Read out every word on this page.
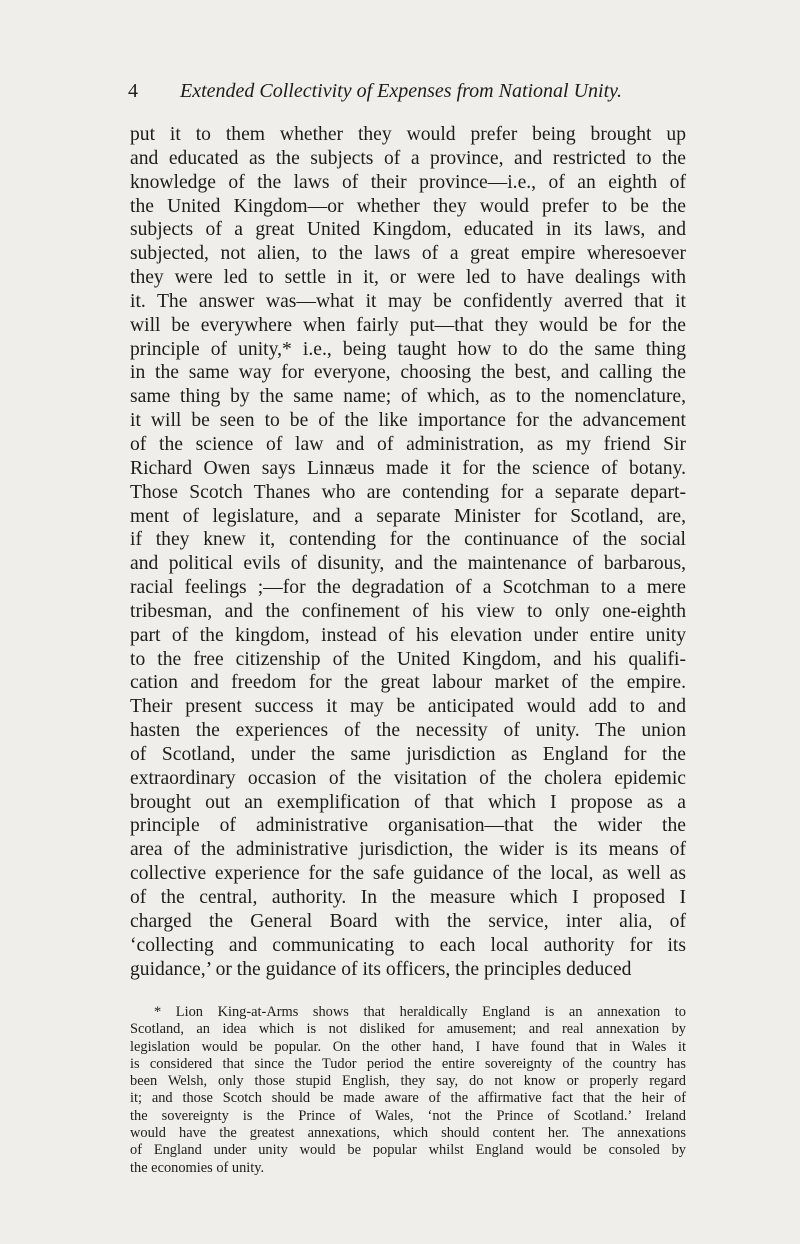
4 Extended Collectivity of Expenses from National Unity.
put it to them whether they would prefer being brought up
and educated as the subjects of a province, and restricted to the
knowledge of the laws of their province—i.e., of an eighth of
the United Kingdom—or whether they would prefer to be the
subjects of a great United Kingdom, educated in its laws, and
subjected, not alien, to the laws of a great empire wheresoever
they were led to settle in it, or were led to have dealings with
it. The answer was—what it may be confidently averred that it
will be everywhere when fairly put—that they would be for the
principle of unity,* i.e., being taught how to do the same thing
in the same way for everyone, choosing the best, and calling the
same thing by the same name; of which, as to the nomenclature,
it will be seen to be of the like importance for the advancement
of the science of law and of administration, as my friend Sir
Richard Owen says Linnæus made it for the science of botany.
Those Scotch Thanes who are contending for a separate depart-
ment of legislature, and a separate Minister for Scotland, are,
if they knew it, contending for the continuance of the social
and political evils of disunity, and the maintenance of barbarous,
racial feelings ;—for the degradation of a Scotchman to a mere
tribesman, and the confinement of his view to only one-eighth
part of the kingdom, instead of his elevation under entire unity
to the free citizenship of the United Kingdom, and his qualifi-
cation and freedom for the great labour market of the empire.
Their present success it may be anticipated would add to and
hasten the experiences of the necessity of unity. The union
of Scotland, under the same jurisdiction as England for the
extraordinary occasion of the visitation of the cholera epidemic
brought out an exemplification of that which I propose as a
principle of administrative organisation—that the wider the
area of the administrative jurisdiction, the wider is its means of
collective experience for the safe guidance of the local, as well as
of the central, authority. In the measure which I proposed I
charged the General Board with the service, inter alia, of
‘collecting and communicating to each local authority for its
guidance,’ or the guidance of its officers, the principles deduced
* Lion King-at-Arms shows that heraldically England is an annexation to
Scotland, an idea which is not disliked for amusement; and real annexation by
legislation would be popular. On the other hand, I have found that in Wales it
is considered that since the Tudor period the entire sovereignty of the country has
been Welsh, only those stupid English, they say, do not know or properly regard
it; and those Scotch should be made aware of the affirmative fact that the heir of
the sovereignty is the Prince of Wales, ‘not the Prince of Scotland.’ Ireland
would have the greatest annexations, which should content her. The annexations
of England under unity would be popular whilst England would be consoled by
the economies of unity.
